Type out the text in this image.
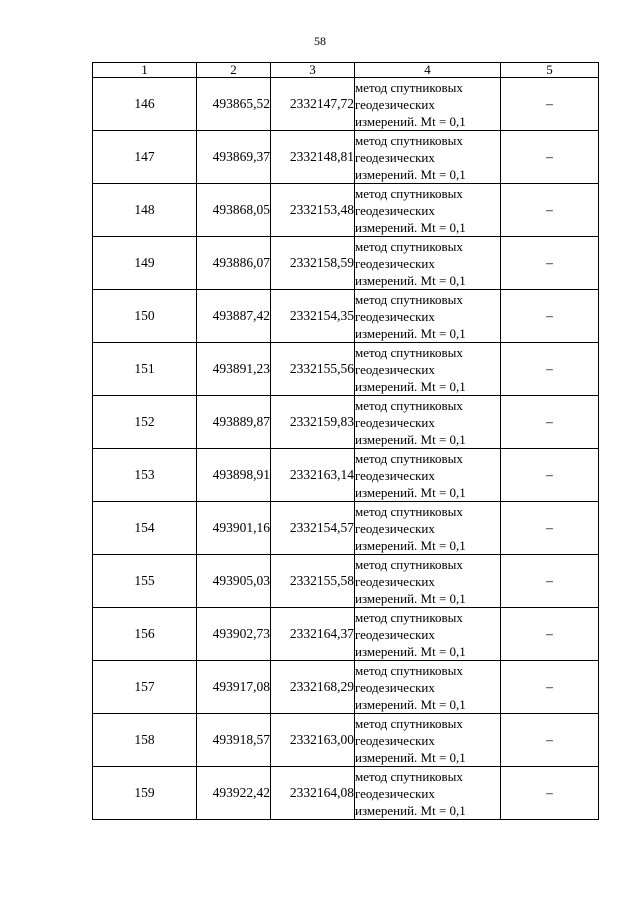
58
1	2	3	4	5
146	493865,52	2332147,72	метод спутниковых
геодезических
измерений. Mt = 0,1	–
147	493869,37	2332148,81	метод спутниковых
геодезических
измерений. Mt = 0,1	–
148	493868,05	2332153,48	метод спутниковых
геодезических
измерений. Mt = 0,1	–
149	493886,07	2332158,59	метод спутниковых
геодезических
измерений. Mt = 0,1	–
150	493887,42	2332154,35	метод спутниковых
геодезических
измерений. Mt = 0,1	–
151	493891,23	2332155,56	метод спутниковых
геодезических
измерений. Mt = 0,1	–
152	493889,87	2332159,83	метод спутниковых
геодезических
измерений. Mt = 0,1	–
153	493898,91	2332163,14	метод спутниковых
геодезических
измерений. Mt = 0,1	–
154	493901,16	2332154,57	метод спутниковых
геодезических
измерений. Mt = 0,1	–
155	493905,03	2332155,58	метод спутниковых
геодезических
измерений. Mt = 0,1	–
156	493902,73	2332164,37	метод спутниковых
геодезических
измерений. Mt = 0,1	–
157	493917,08	2332168,29	метод спутниковых
геодезических
измерений. Mt = 0,1	–
158	493918,57	2332163,00	метод спутниковых
геодезических
измерений. Mt = 0,1	–
159	493922,42	2332164,08	метод спутниковых
геодезических
измерений. Mt = 0,1	–
